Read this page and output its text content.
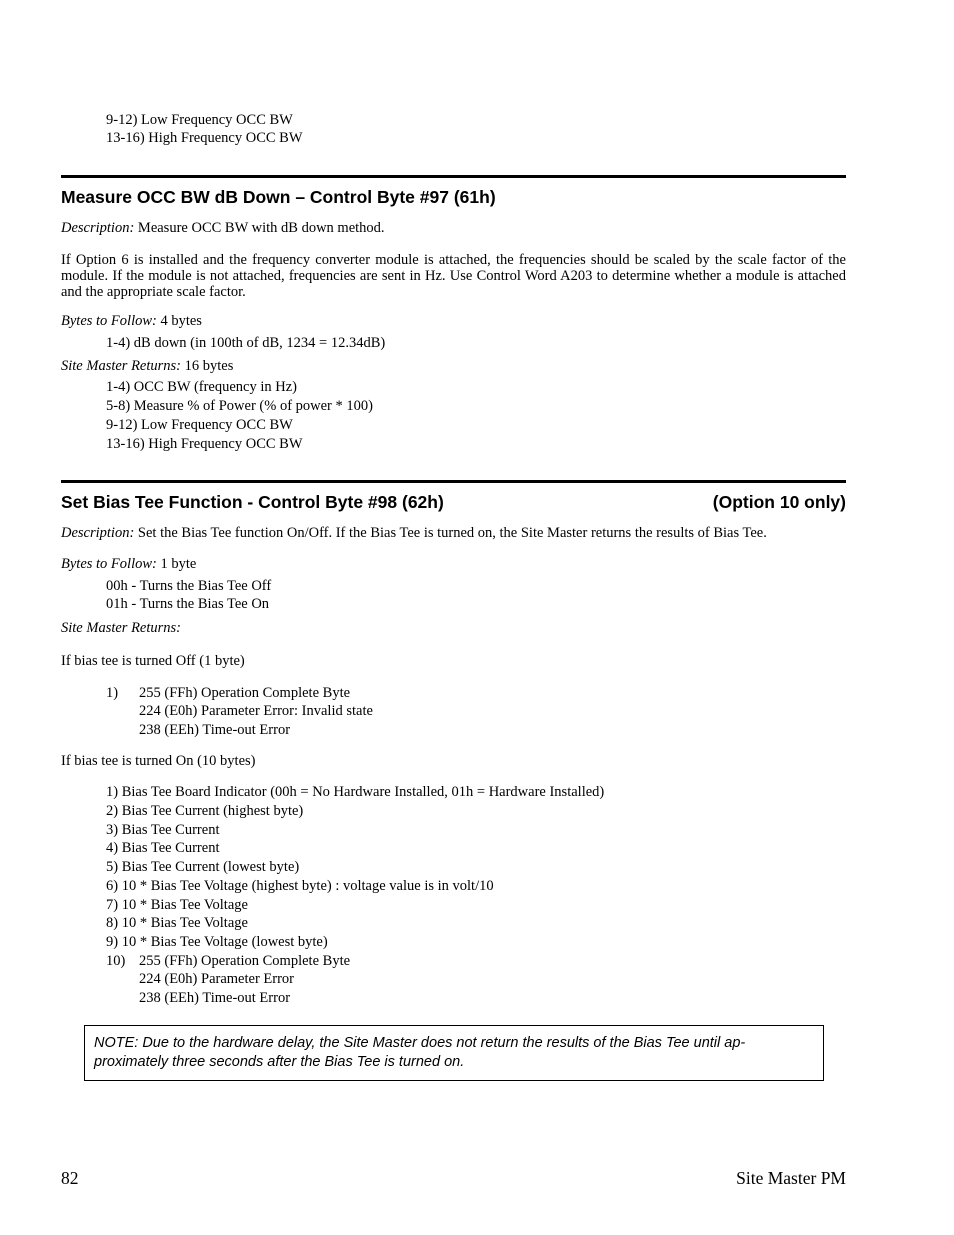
9-12) Low Frequency OCC BW
13-16) High Frequency OCC BW
Measure OCC BW dB Down – Control Byte #97 (61h)
Description: Measure OCC BW with dB down method.
If Option 6 is installed and the frequency converter module is attached, the frequencies should be scaled by the scale factor of the module. If the module is not attached, frequencies are sent in Hz. Use Control Word A203 to determine whether a module is attached and the appropriate scale factor.
Bytes to Follow: 4 bytes
1-4) dB down (in 100th of dB, 1234 = 12.34dB)
Site Master Returns: 16 bytes
1-4) OCC BW (frequency in Hz)
5-8) Measure % of Power (% of power * 100)
9-12) Low Frequency OCC BW
13-16) High Frequency OCC BW
Set Bias Tee Function - Control Byte #98 (62h)	(Option 10 only)
Description: Set the Bias Tee function On/Off. If the Bias Tee is turned on, the Site Master returns the results of Bias Tee.
Bytes to Follow: 1 byte
00h - Turns the Bias Tee Off
01h - Turns the Bias Tee On
Site Master Returns:
If bias tee is turned Off (1 byte)
1) 255 (FFh) Operation Complete Byte
224 (E0h) Parameter Error: Invalid state
238 (EEh) Time-out Error
If bias tee is turned On (10 bytes)
1) Bias Tee Board Indicator (00h = No Hardware Installed, 01h = Hardware Installed)
2) Bias Tee Current (highest byte)
3) Bias Tee Current
4) Bias Tee Current
5) Bias Tee Current (lowest byte)
6) 10 * Bias Tee Voltage (highest byte) : voltage value is in volt/10
7) 10 * Bias Tee Voltage
8) 10 * Bias Tee Voltage
9) 10 * Bias Tee Voltage (lowest byte)
10) 255 (FFh) Operation Complete Byte
224 (E0h) Parameter Error
238 (EEh) Time-out Error
NOTE: Due to the hardware delay, the Site Master does not return the results of the Bias Tee until ap-proximately three seconds after the Bias Tee is turned on.
82	Site Master PM
